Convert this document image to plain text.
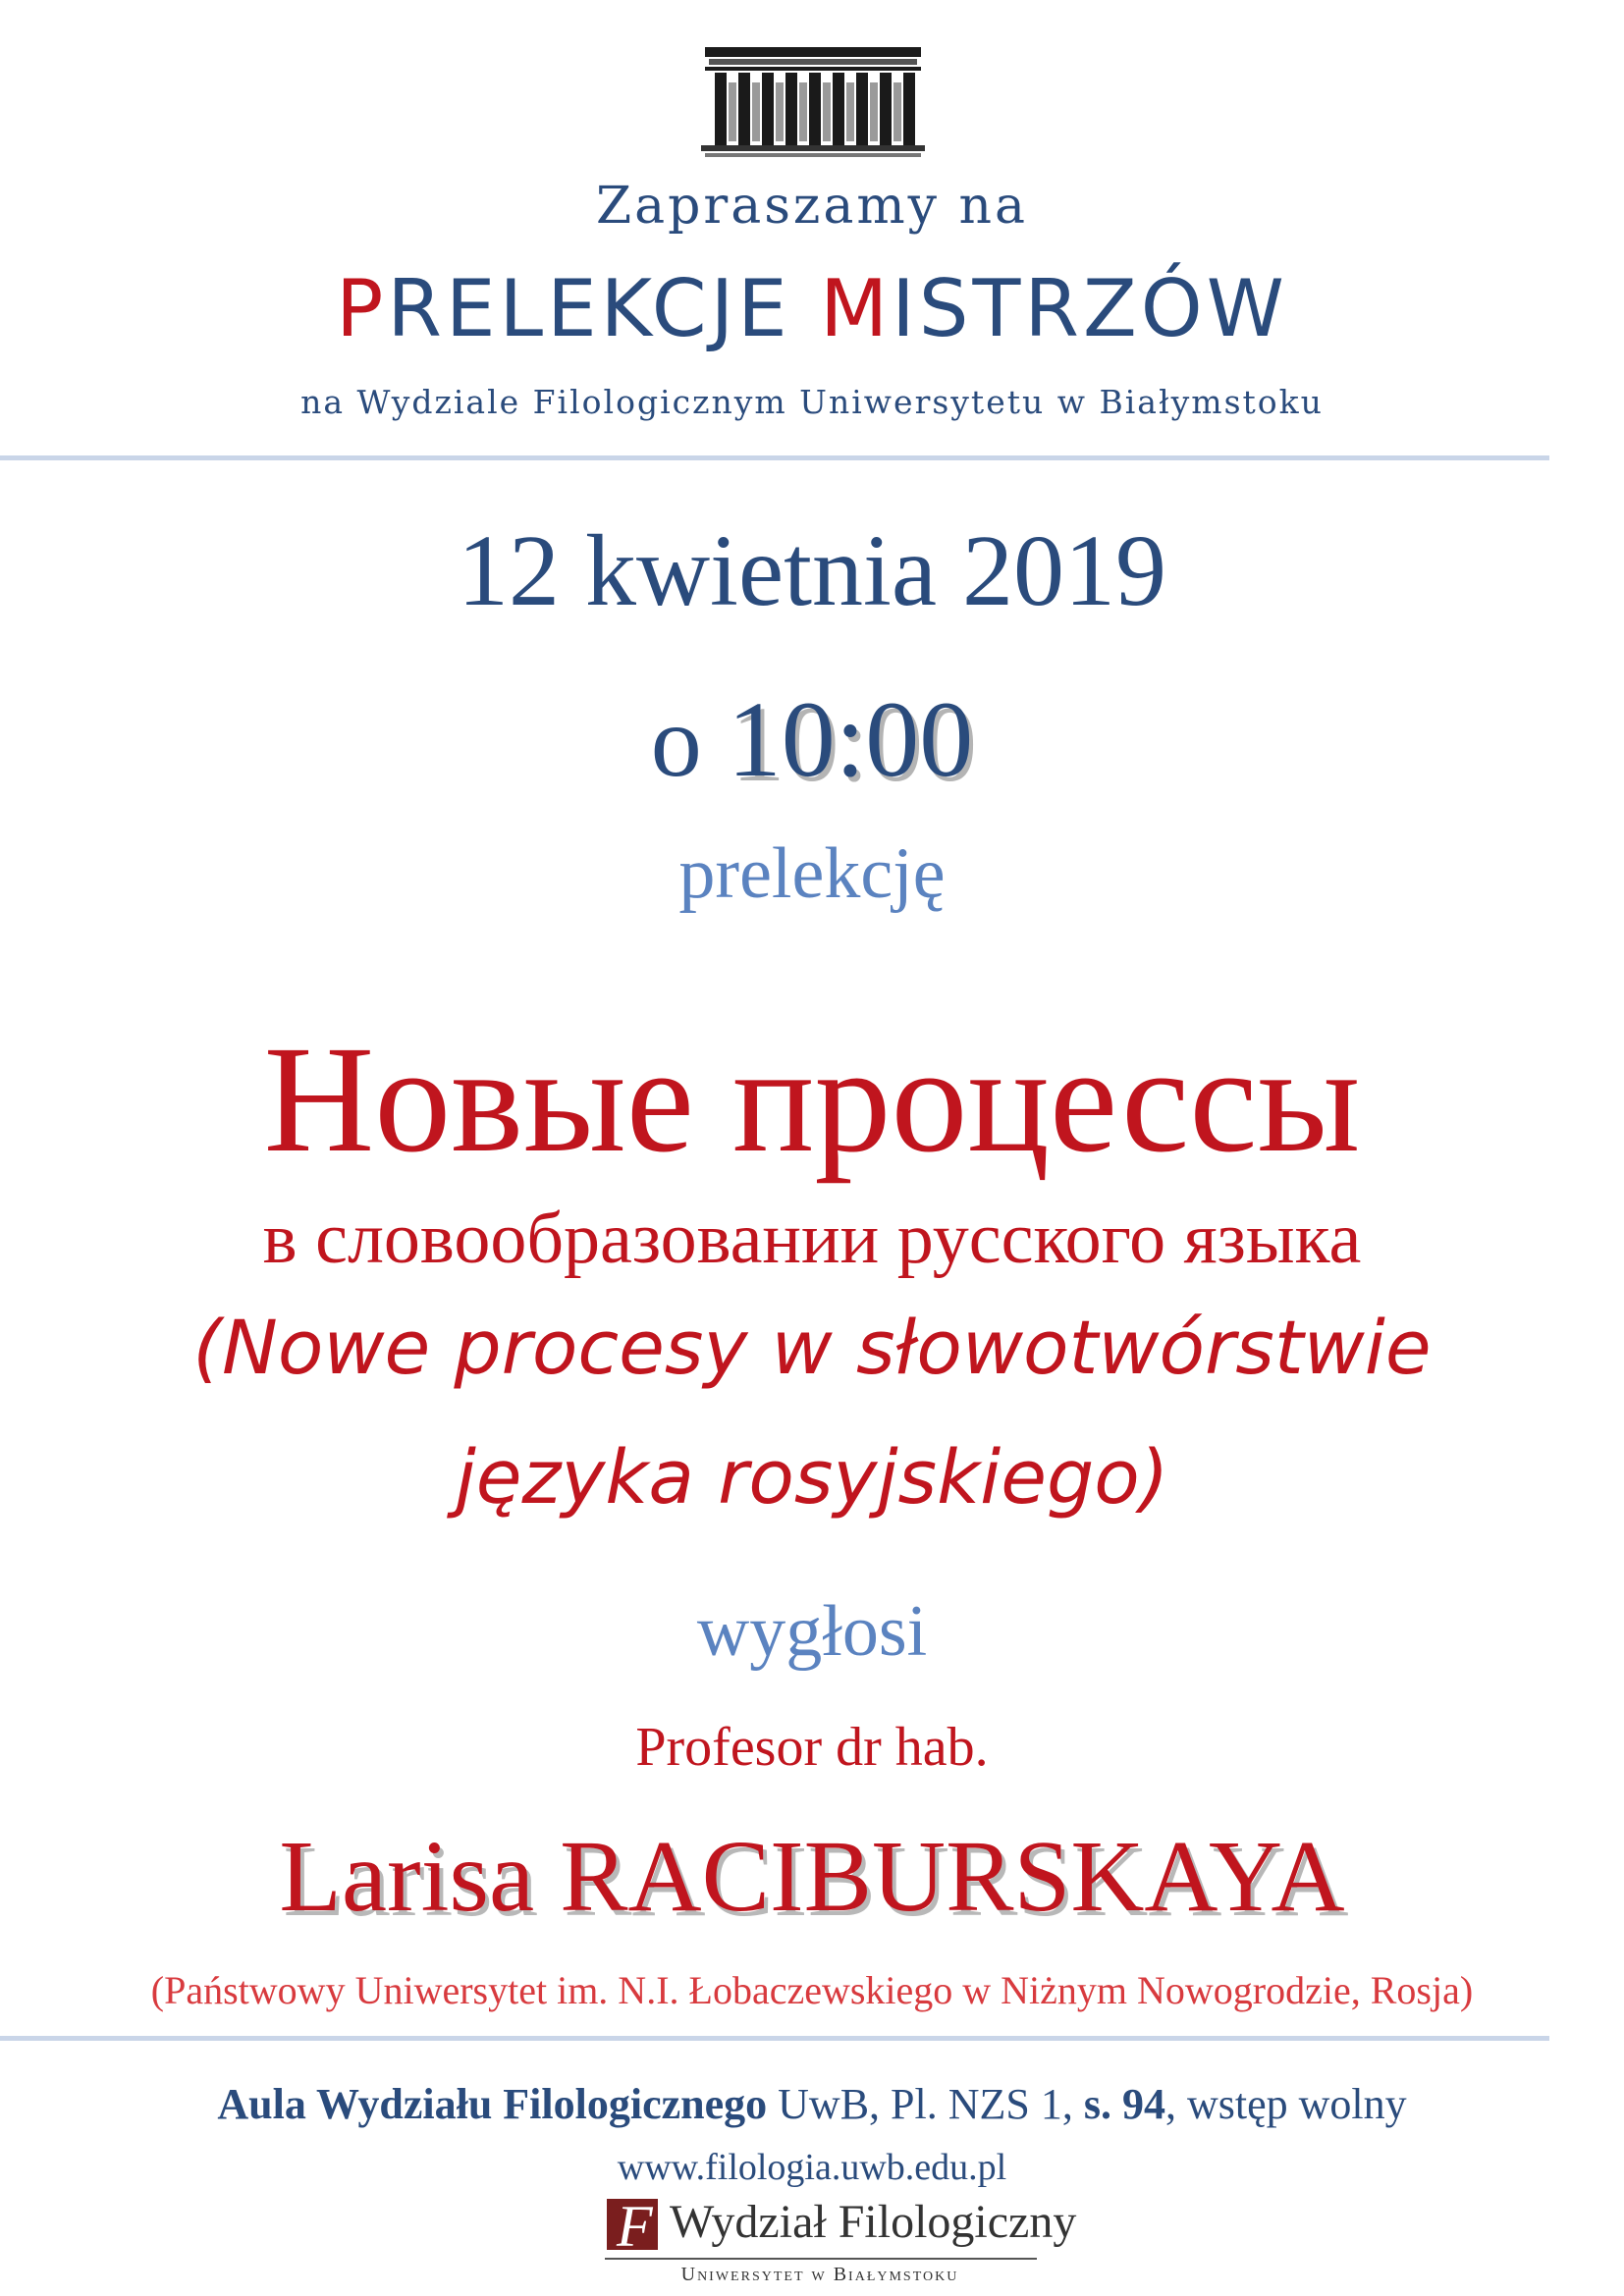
Zapraszamy na
PRELEKCJE MISTRZÓW
na Wydziale Filologicznym Uniwersytetu w Białymstoku
12 kwietnia 2019
o 10:00
prelekcję
Новые процессы
в словообразовании русского языка
(Nowe procesy w słowotwórstwie
języka rosyjskiego)
wygłosi
Profesor dr hab.
Larisa RACIBURSKAYA
(Państwowy Uniwersytet im. N.I. Łobaczewskiego w Niżnym Nowogrodzie, Rosja)
Aula Wydziału Filologicznego UwB, Pl. NZS 1, s. 94, wstęp wolny
www.filologia.uwb.edu.pl
F
Wydział Filologiczny
Uniwersytet w Białymstoku
